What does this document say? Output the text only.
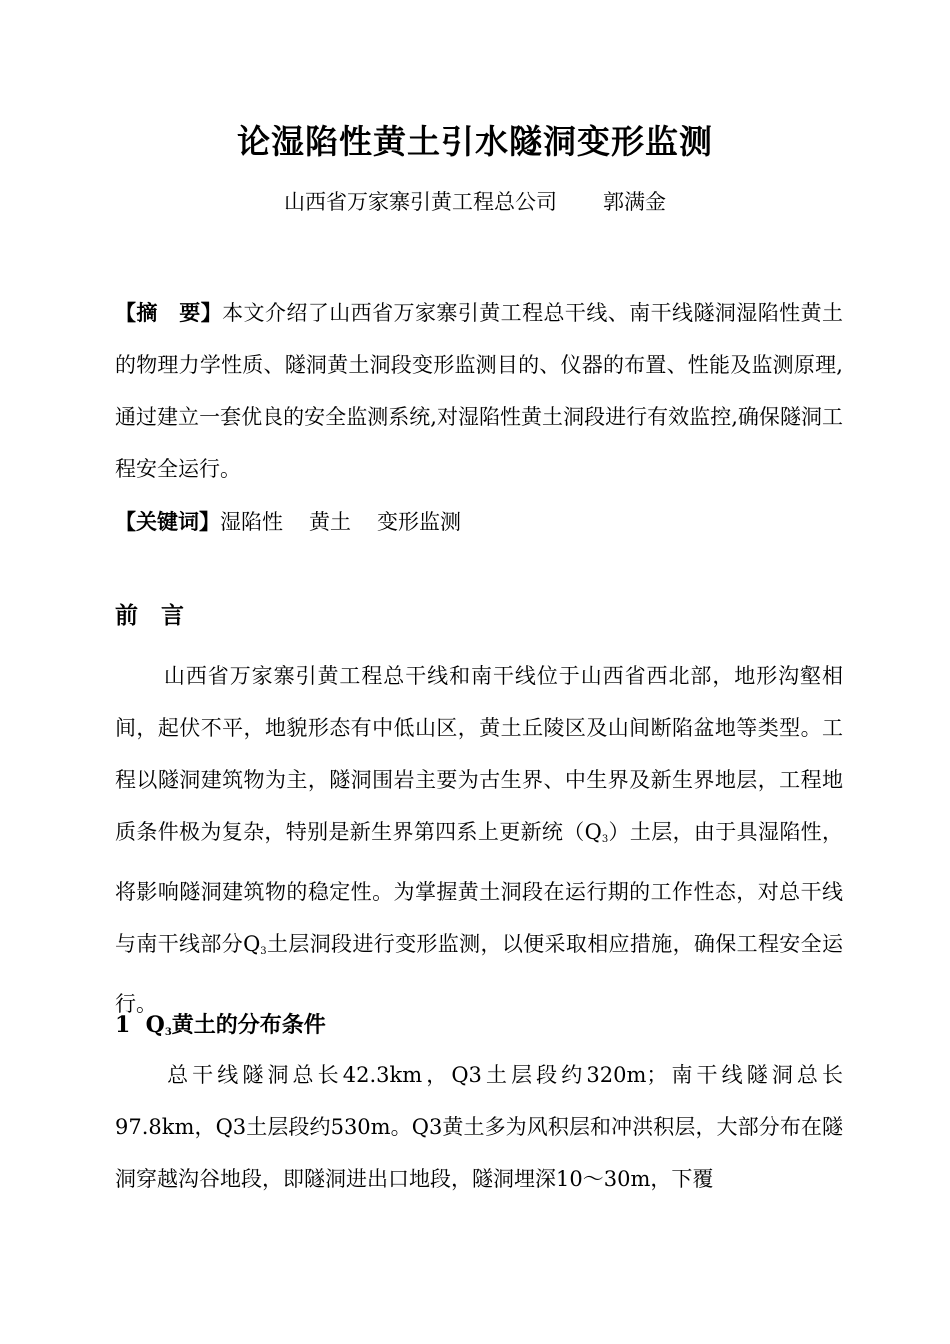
论湿陷性黄土引水隧洞变形监测
山西省万家寨引黄工程总公司 郭满金
【摘　要】本文介绍了山西省万家寨引黄工程总干线、南干线隧洞湿陷性黄土的物理力学性质、隧洞黄土洞段变形监测目的、仪器的布置、性能及监测原理,通过建立一套优良的安全监测系统,对湿陷性黄土洞段进行有效监控,确保隧洞工程安全运行。
【关键词】湿陷性 黄土 变形监测
前　言
山西省万家寨引黄工程总干线和南干线位于山西省西北部，地形沟壑相间，起伏不平，地貌形态有中低山区，黄土丘陵区及山间断陷盆地等类型。工程以隧洞建筑物为主，隧洞围岩主要为古生界、中生界及新生界地层，工程地质条件极为复杂，特别是新生界第四系上更新统$(Q_3)$土层，由于具湿陷性，将影响隧洞建筑物的稳定性。为掌握黄土洞段在运行期的工作性态，对总干线与南干线部分$Q_3$土层洞段进行变形监测，以便采取相应措施，确保工程安全运行。
1 $Q_3$黄土的分布条件
总干线隧洞总长42.3km，Q3土层段约320m；南干线隧洞总长97.8km，Q3土层段约530m。Q3黄土多为风积层和冲洪积层，大部分布在隧洞穿越沟谷地段，即隧洞进出口地段，隧洞埋深10～30m，下覆
